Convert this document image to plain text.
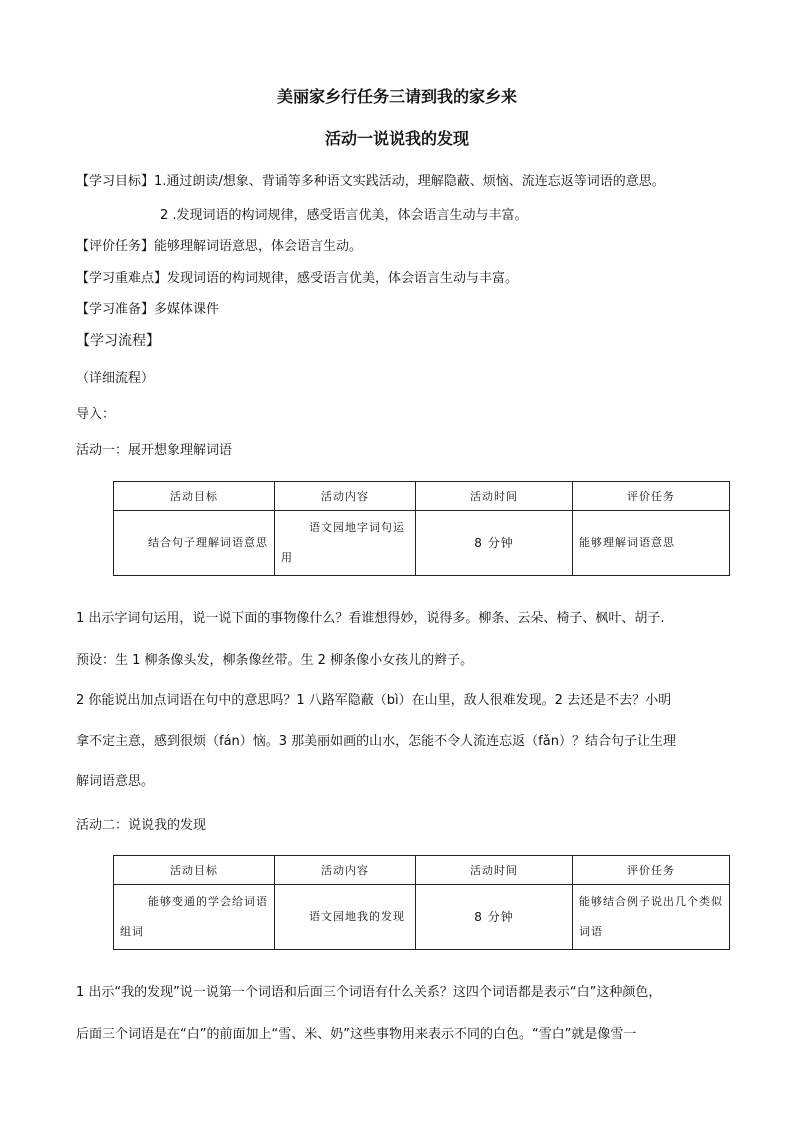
美丽家乡行任务三请到我的家乡来
活动一说说我的发现
【学习目标】1.通过朗读/想象、背诵等多种语文实践活动，理解隐蔽、烦恼、流连忘返等词语的意思。
2 .发现词语的构词规律，感受语言优美，体会语言生动与丰富。
【评价任务】能够理解词语意思，体会语言生动。
【学习重难点】发现词语的构词规律，感受语言优美，体会语言生动与丰富。
【学习准备】多媒体课件
【学习流程】
（详细流程）
导入：
活动一：展开想象理解词语
活动目标	活动内容	活动时间	评价任务
结合句子理解词语意思	语文园地字词句运用	8 分钟	能够理解词语意思
1 出示字词句运用，说一说下面的事物像什么？看谁想得妙，说得多。柳条、云朵、椅子、枫叶、胡子.
预设：生 1 柳条像头发，柳条像丝带。生 2 柳条像小女孩儿的辫子。
2 你能说出加点词语在句中的意思吗？1 八路军隐蔽（bì）在山里，敌人很难发现。2 去还是不去？小明
拿不定主意，感到很烦（fán）恼。3 那美丽如画的山水，怎能不令人流连忘返（fǎn）？结合句子让生理
解词语意思。
活动二：说说我的发现
活动目标	活动内容	活动时间	评价任务
能够变通的学会给词语组词	语文园地我的发现	8 分钟	能够结合例子说出几个类似词语
1 出示“我的发现”说一说第一个词语和后面三个词语有什么关系？这四个词语都是表示“白”这种颜色，
后面三个词语是在“白”的前面加上“雪、米、奶”这些事物用来表示不同的白色。“雪白”就是像雪一
